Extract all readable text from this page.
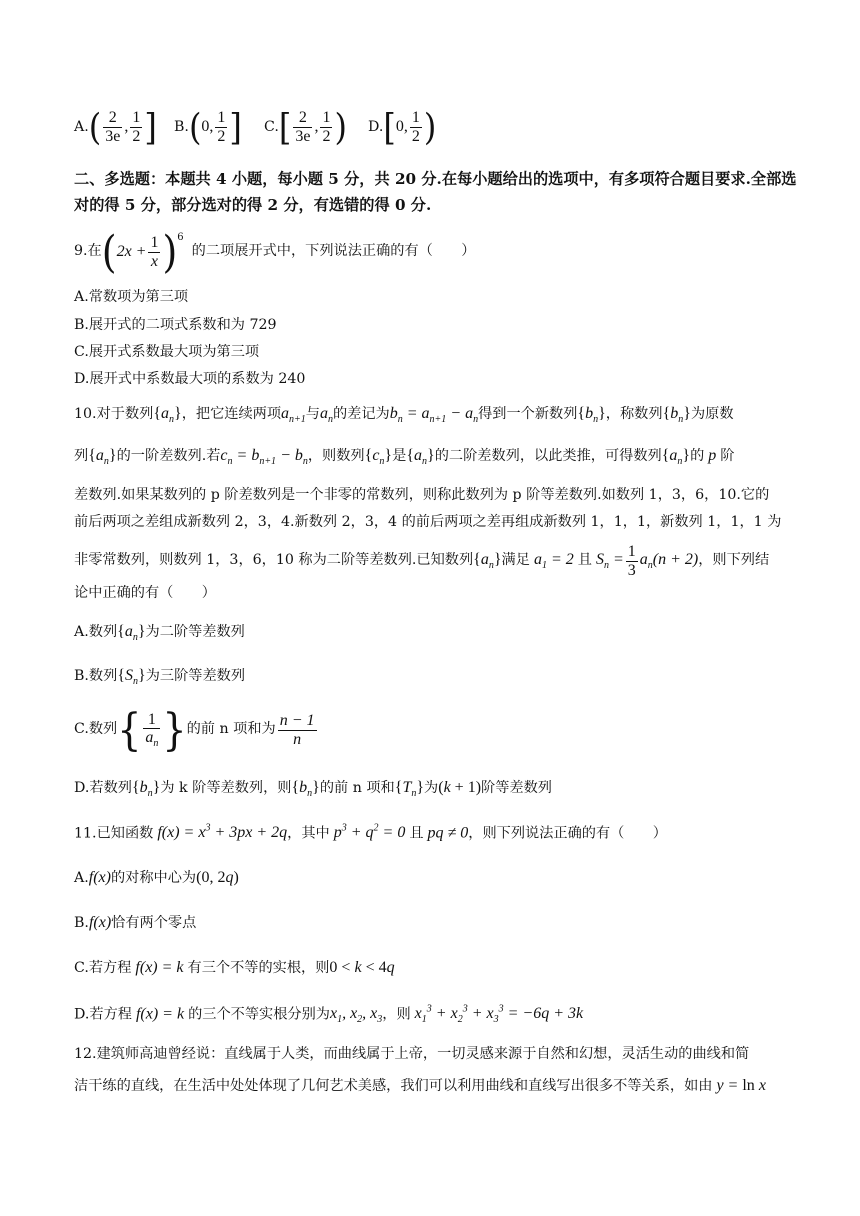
A. ( $\frac{2}{3e}$ , $\frac{1}{2}$ ] B. ( 0, $\frac{1}{2}$ ] C. [ $\frac{2}{3e}$ , $\frac{1}{2}$ ) D. [ 0, $\frac{1}{2}$ )
二、多选题：本题共 4 小题，每小题 5 分，共 20 分.在每小题给出的选项中，有多项符合题目要求.全部选对的得 5 分，部分选对的得 2 分，有选错的得 0 分.
9.在 ( $2x + \frac{1}{x} )^6$
的二项展开式中，下列说法正确的有（　　）
A.常数项为第三项
B.展开式的二项式系数和为 729
C.展开式系数最大项为第三项
D.展开式中系数最大项的系数为 240
10.对于数列$\{a_n\}$，把它连续两项$a_{n+1}$与$a_n$的差记为$b_n = a_{n+1} - a_n$得到一个新数列$\{b_n\}$，称数列$\{b_n\}$为原数
列$\{a_n\}$的一阶差数列.若$c_n = b_{n+1} - b_n$，则数列$\{c_n\}$是$\{a_n\}$的二阶差数列，以此类推，可得数列$\{a_n\}$的 p 阶
差数列.如果某数列的 p 阶差数列是一个非零的常数列，则称此数列为 p 阶等差数列.如数列 1，3，6，10.它的
前后两项之差组成新数列 2，3，4.新数列 2，3，4 的前后两项之差再组成新数列 1，1，1，新数列 1，1，1 为
非零常数列，则数列 1，3，6，10 称为二阶等差数列.已知数列 $\{a_n\}$ 满足 $a_1 = 2$ 且 $S_n = \frac{1}{3} a_n(n + 2)$ ，则下列结
论中正确的有（　　）
A.数列$\{a_n\}$为二阶等差数列
B.数列$\{S_n\}$为三阶等差数列
C.数列 { $\frac{1}{a_n}$ } 的前 n 项和为 $\frac{n - 1}{n}$
D.若数列$\{b_n\}$为 k 阶等差数列，则$\{b_n\}$的前 n 项和$\{T_n\}$为(k + 1)阶等差数列
11.已知函数 $f(x) = x^3 + 3px + 2q$，其中 $p^3 + q^2 = 0$ 且 pq ≠ 0，则下列说法正确的有（　　）
A.f(x)的对称中心为(0, 2q)
B.f(x)恰有两个零点
C.若方程 f(x) = k 有三个不等的实根，则0 < k < 4q
D.若方程 f(x) = k 的三个不等实根分别为$x_1$, $x_2$, $x_3$，则 $x_1^3 + x_2^3 + x_3^3 = -6q + 3k$
12.建筑师高迪曾经说：直线属于人类，而曲线属于上帝，一切灵感来源于自然和幻想，灵活生动的曲线和简
洁干练的直线，在生活中处处体现了几何艺术美感，我们可以利用曲线和直线写出很多不等关系，如由 y = ln x
